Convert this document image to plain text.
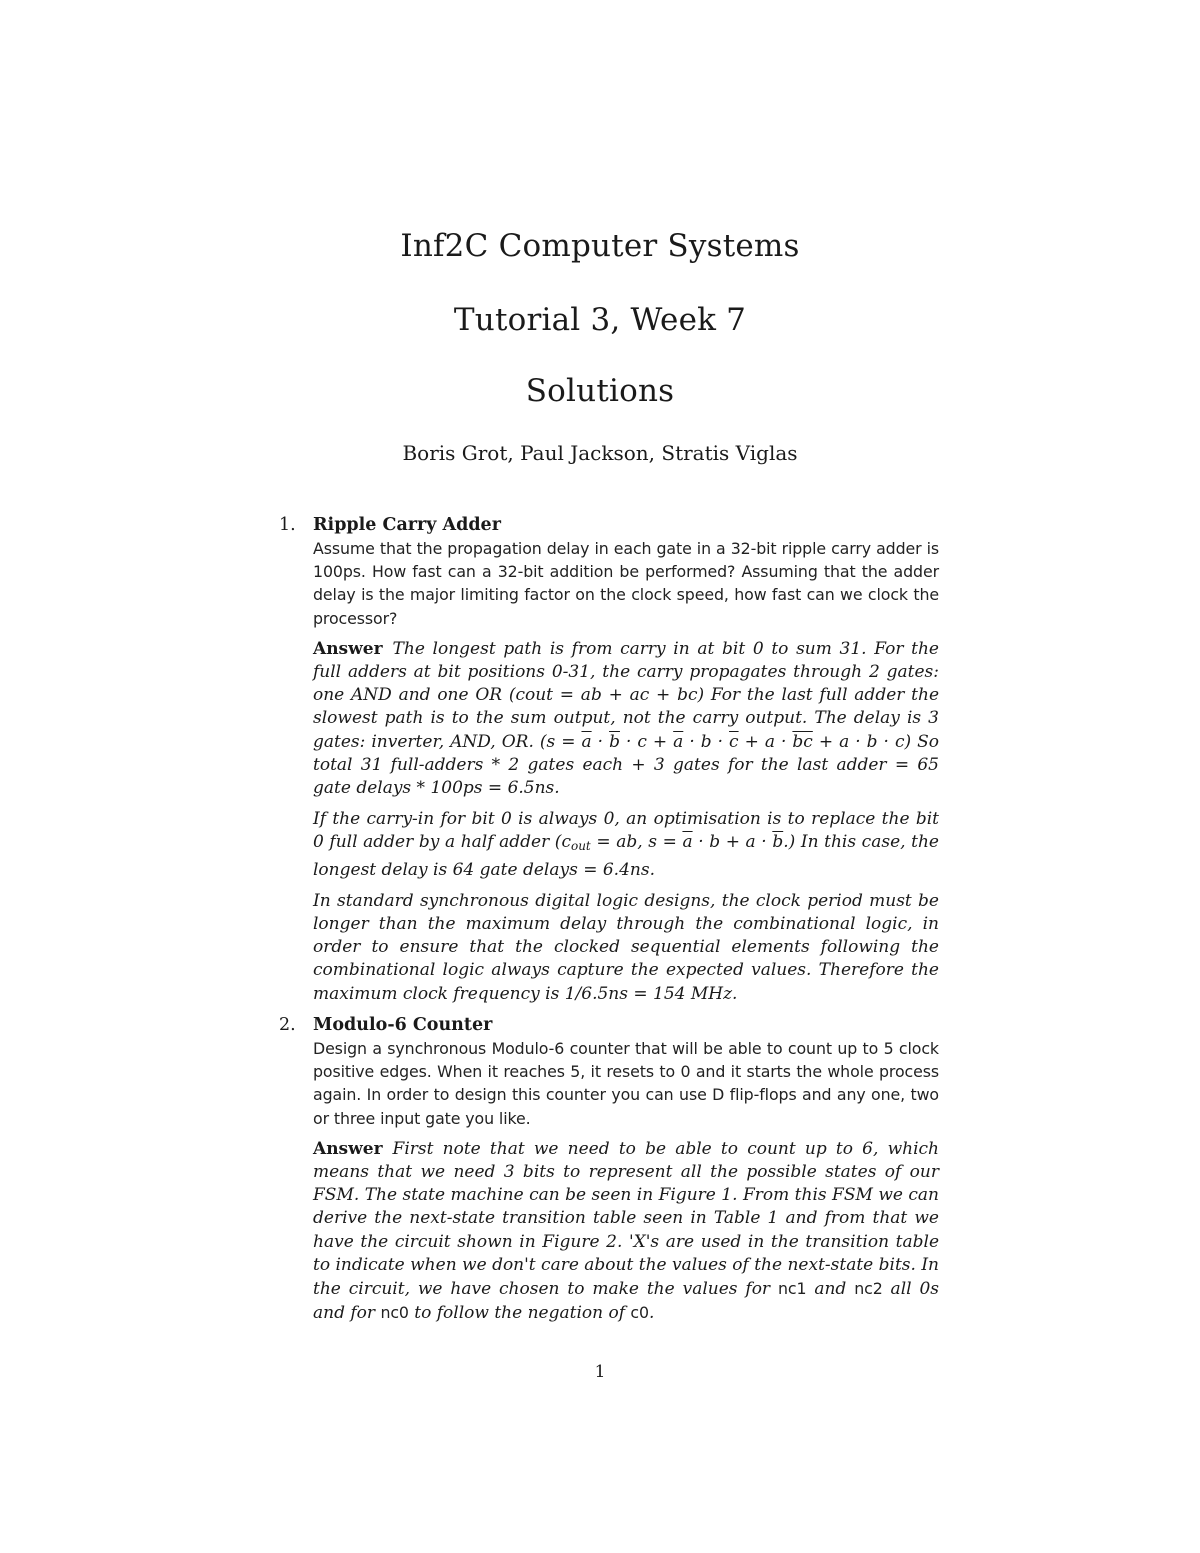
Inf2C Computer Systems
Tutorial 3, Week 7
Solutions

Boris Grot, Paul Jackson, Stratis Viglas

1. Ripple Carry Adder

Assume that the propagation delay in each gate in a 32-bit ripple carry adder is 100ps. How fast can a 32-bit addition be performed? Assuming that the adder delay is the major limiting factor on the clock speed, how fast can we clock the processor?

Answer The longest path is from carry in at bit 0 to sum 31. For the full adders at bit positions 0-31, the carry propagates through 2 gates: one AND and one OR (cout = ab + ac + bc) For the last full adder the slowest path is to the sum output, not the carry output. The delay is 3 gates: inverter, AND, OR. $(s = \overline{a} \cdot \overline{b} \cdot c + \overline{a} \cdot b \cdot \overline{c} + a \cdot \overline{bc} + a \cdot b \cdot c)$ So total 31 full-adders * 2 gates each + 3 gates for the last adder = 65 gate delays * 100ps = 6.5ns.

If the carry-in for bit 0 is always 0, an optimisation is to replace the bit 0 full adder by a half adder ($c_{out}$ = ab, $s = \overline{a} \cdot b + a \cdot \overline{b}$.) In this case, the longest delay is 64 gate delays = 6.4ns.

In standard synchronous digital logic designs, the clock period must be longer than the maximum delay through the combinational logic, in order to ensure that the clocked sequential elements following the combinational logic always capture the expected values. Therefore the maximum clock frequency is 1/6.5ns = 154 MHz.

2. Modulo-6 Counter

Design a synchronous Modulo-6 counter that will be able to count up to 5 clock positive edges. When it reaches 5, it resets to 0 and it starts the whole process again. In order to design this counter you can use D flip-flops and any one, two or three input gate you like.

Answer First note that we need to be able to count up to 6, which means that we need 3 bits to represent all the possible states of our FSM. The state machine can be seen in Figure 1. From this FSM we can derive the next-state transition table seen in Table 1 and from that we have the circuit shown in Figure 2. 'X's are used in the transition table to indicate when we don't care about the values of the next-state bits. In the circuit, we have chosen to make the values for nc1 and nc2 all 0s and for nc0 to follow the negation of c0.

1
